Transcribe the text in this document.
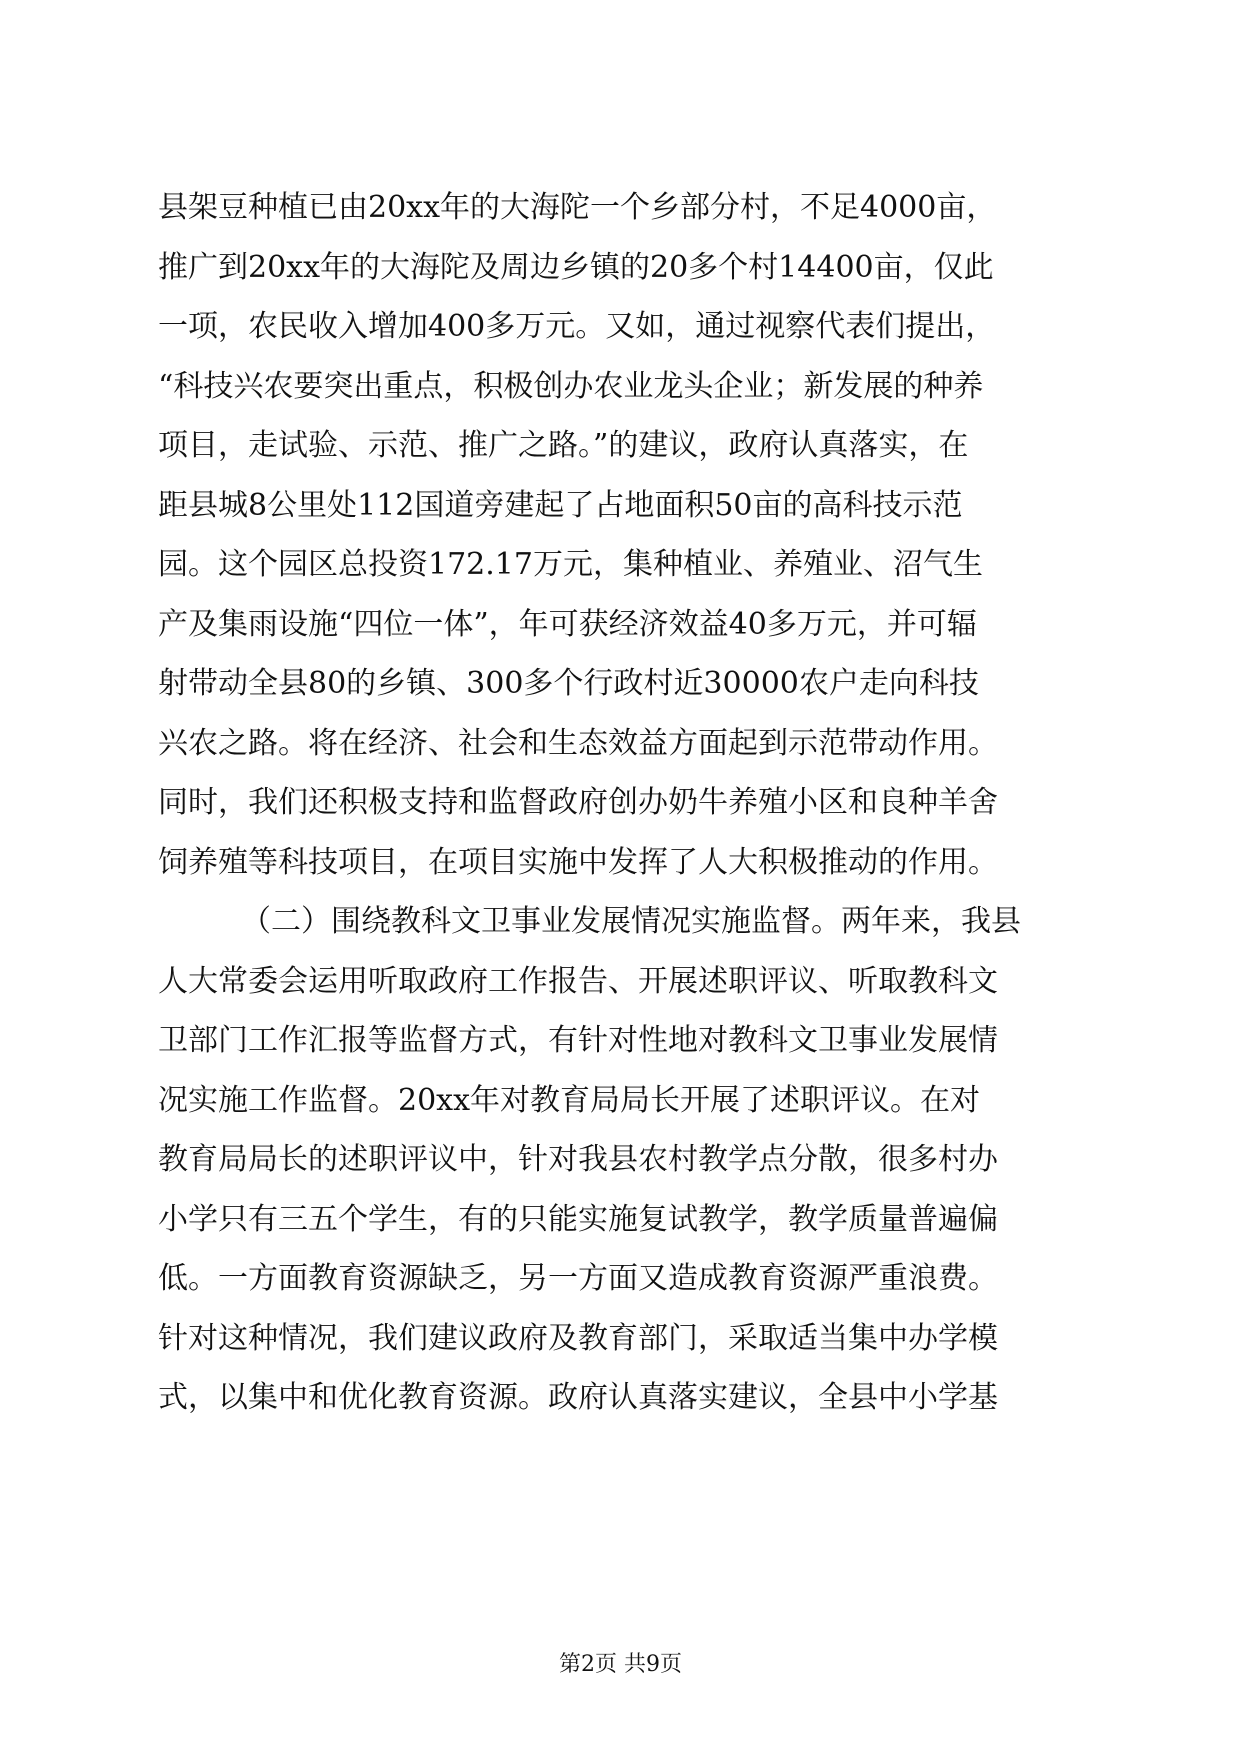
县架豆种植已由20xx年的大海陀一个乡部分村，不足4000亩，
推广到20xx年的大海陀及周边乡镇的20多个村14400亩，仅此
一项，农民收入增加400多万元。又如，通过视察代表们提出，
“科技兴农要突出重点，积极创办农业龙头企业；新发展的种养
项目，走试验、示范、推广之路。”的建议，政府认真落实，在
距县城8公里处112国道旁建起了占地面积50亩的高科技示范
园。这个园区总投资172.17万元，集种植业、养殖业、沼气生
产及集雨设施“四位一体”，年可获经济效益40多万元，并可辐
射带动全县80的乡镇、300多个行政村近30000农户走向科技
兴农之路。将在经济、社会和生态效益方面起到示范带动作用。
同时，我们还积极支持和监督政府创办奶牛养殖小区和良种羊舍
饲养殖等科技项目，在项目实施中发挥了人大积极推动的作用。
（二）围绕教科文卫事业发展情况实施监督。两年来，我县
人大常委会运用听取政府工作报告、开展述职评议、听取教科文
卫部门工作汇报等监督方式，有针对性地对教科文卫事业发展情
况实施工作监督。20xx年对教育局局长开展了述职评议。在对
教育局局长的述职评议中，针对我县农村教学点分散，很多村办
小学只有三五个学生，有的只能实施复试教学，教学质量普遍偏
低。一方面教育资源缺乏，另一方面又造成教育资源严重浪费。
针对这种情况，我们建议政府及教育部门，采取适当集中办学模
式，以集中和优化教育资源。政府认真落实建议，全县中小学基
第2页 共9页
